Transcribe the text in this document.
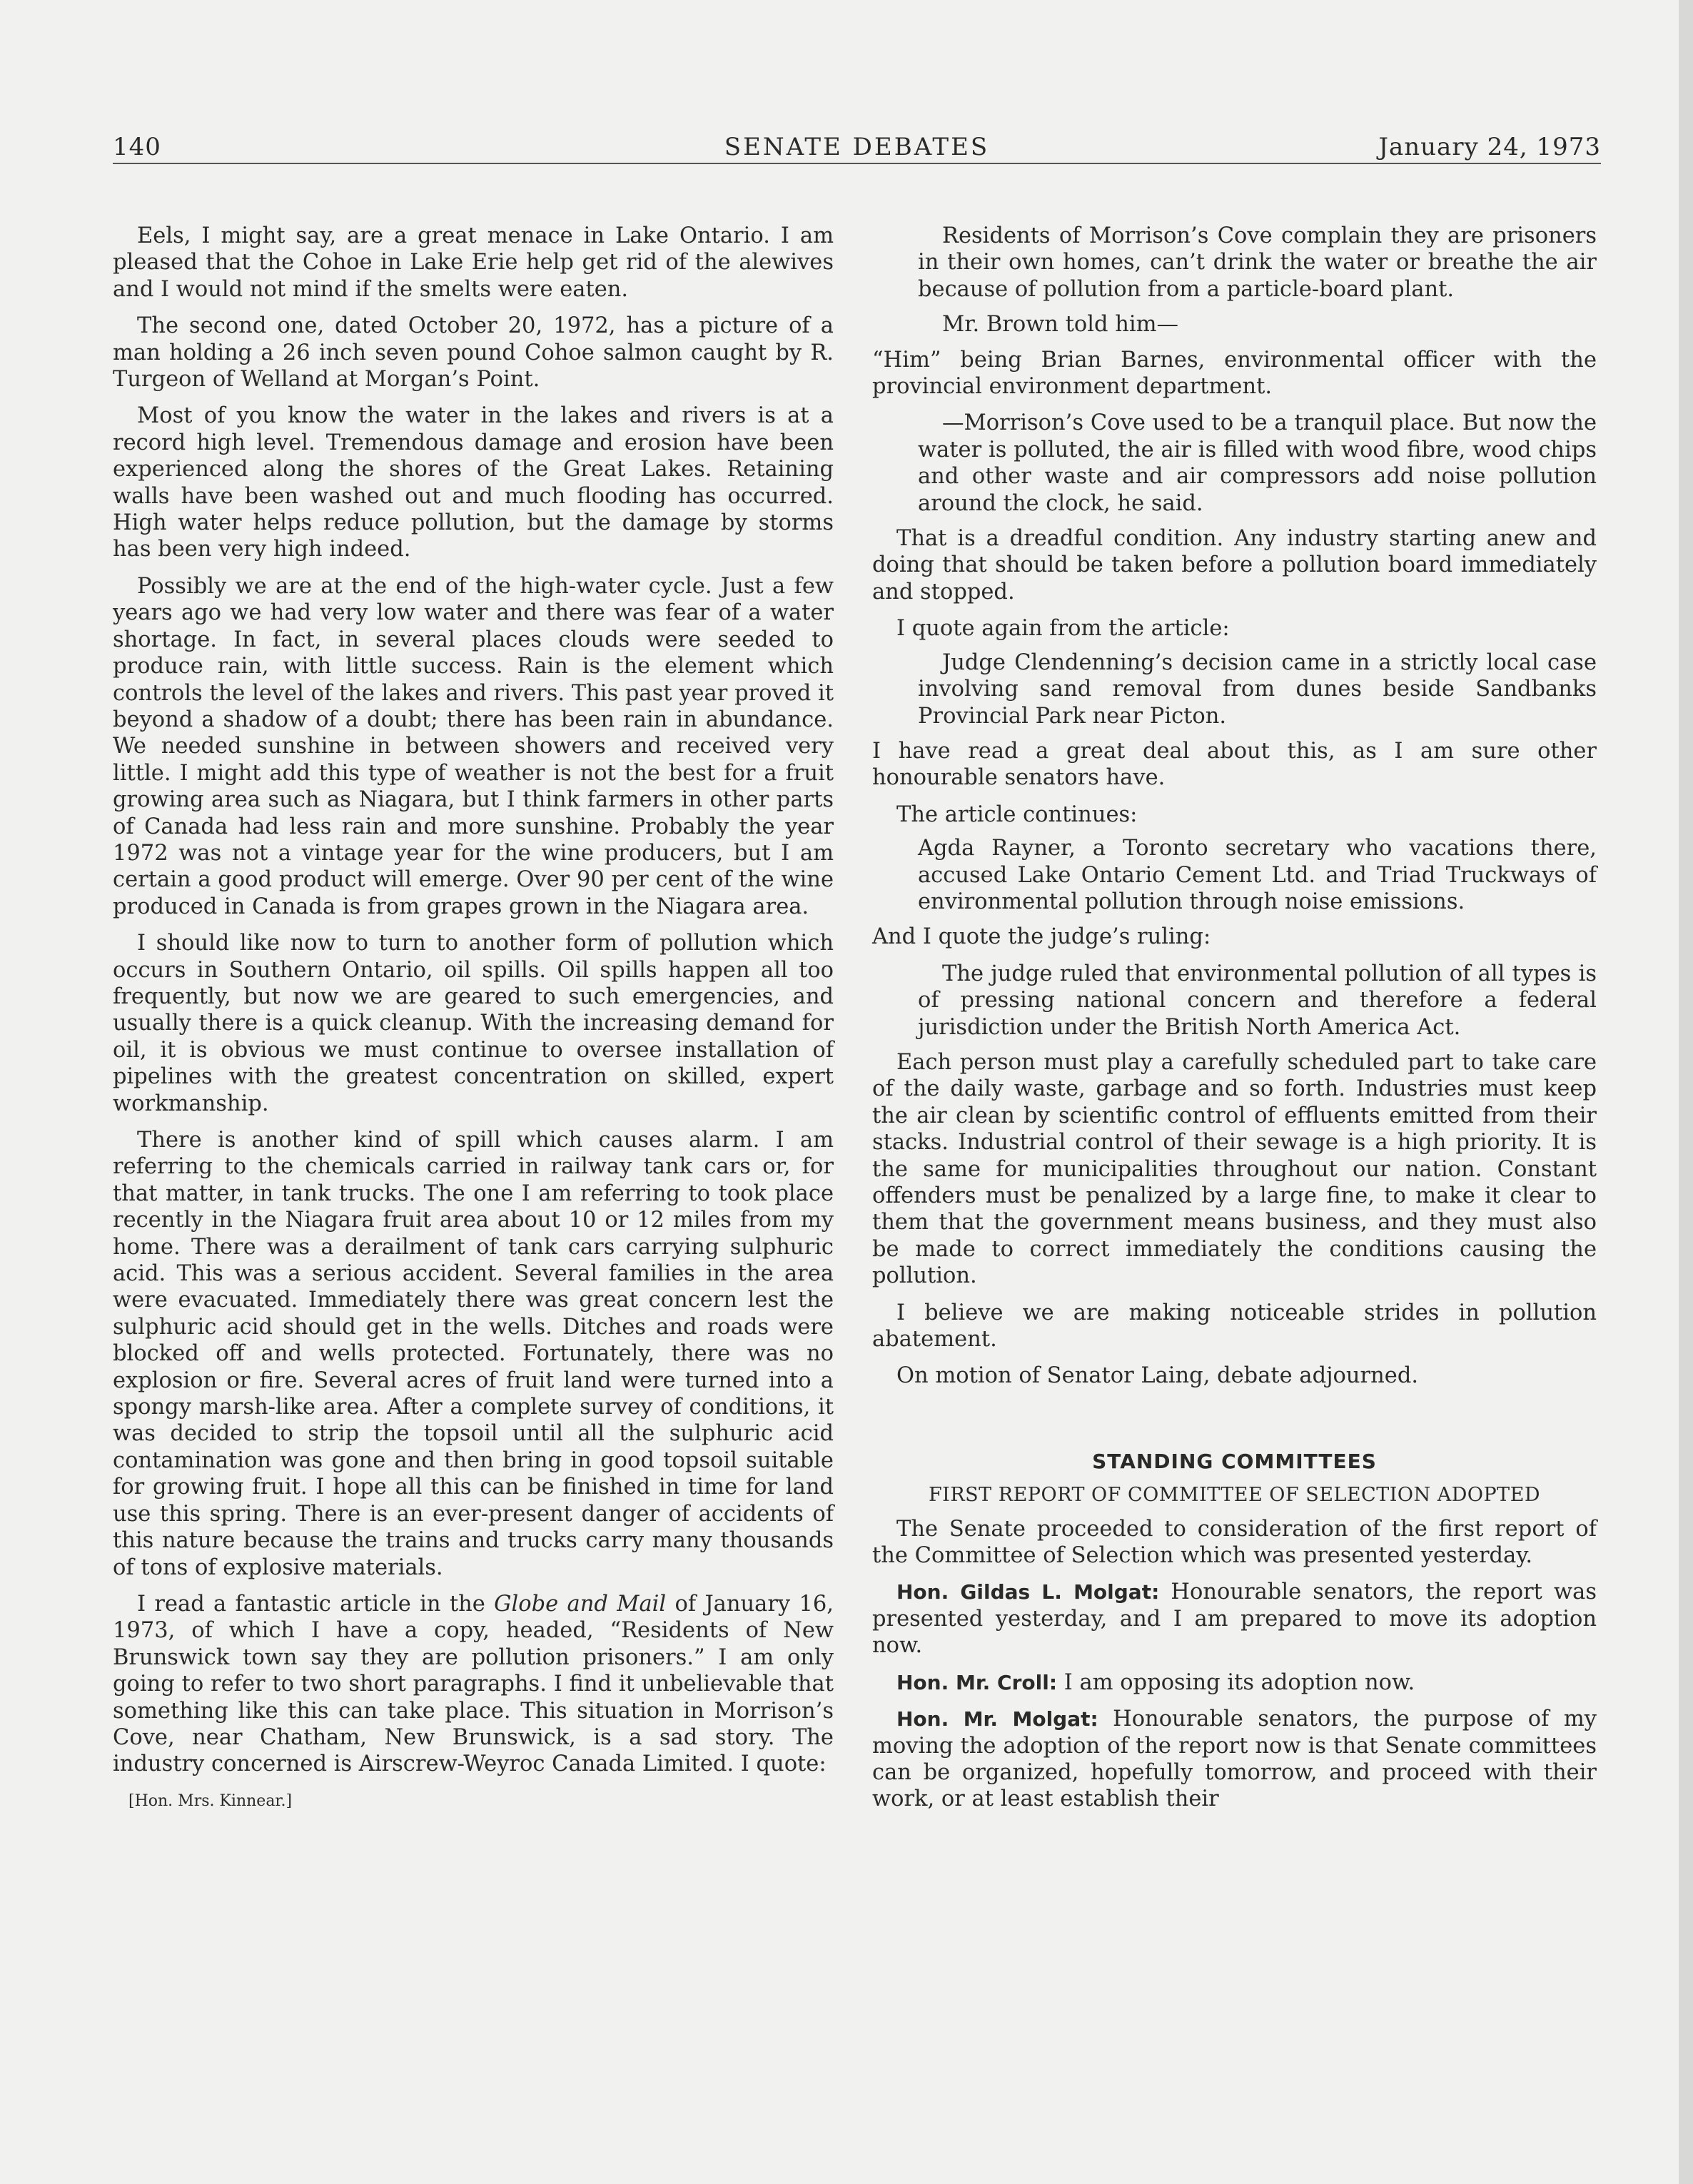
140	SENATE DEBATES	January 24, 1973

Eels, I might say, are a great menace in Lake Ontario. I am pleased that the Cohoe in Lake Erie help get rid of the alewives and I would not mind if the smelts were eaten.

The second one, dated October 20, 1972, has a picture of a man holding a 26 inch seven pound Cohoe salmon caught by R. Turgeon of Welland at Morgan’s Point.

Most of you know the water in the lakes and rivers is at a record high level. Tremendous damage and erosion have been experienced along the shores of the Great Lakes. Retaining walls have been washed out and much flooding has occurred. High water helps reduce pollution, but the damage by storms has been very high indeed.

Possibly we are at the end of the high-water cycle. Just a few years ago we had very low water and there was fear of a water shortage. In fact, in several places clouds were seeded to produce rain, with little success. Rain is the element which controls the level of the lakes and rivers. This past year proved it beyond a shadow of a doubt; there has been rain in abundance. We needed sunshine in between showers and received very little. I might add this type of weather is not the best for a fruit growing area such as Niagara, but I think farmers in other parts of Canada had less rain and more sunshine. Probably the year 1972 was not a vintage year for the wine producers, but I am certain a good product will emerge. Over 90 per cent of the wine produced in Canada is from grapes grown in the Niagara area.

I should like now to turn to another form of pollution which occurs in Southern Ontario, oil spills. Oil spills happen all too frequently, but now we are geared to such emergencies, and usually there is a quick cleanup. With the increasing demand for oil, it is obvious we must continue to oversee installation of pipelines with the greatest concentration on skilled, expert workmanship.

There is another kind of spill which causes alarm. I am referring to the chemicals carried in railway tank cars or, for that matter, in tank trucks. The one I am referring to took place recently in the Niagara fruit area about 10 or 12 miles from my home. There was a derailment of tank cars carrying sulphuric acid. This was a serious accident. Several families in the area were evacuated. Immediately there was great concern lest the sulphuric acid should get in the wells. Ditches and roads were blocked off and wells protected. Fortunately, there was no explosion or fire. Several acres of fruit land were turned into a spongy marsh-like area. After a complete survey of conditions, it was decided to strip the topsoil until all the sulphuric acid contamination was gone and then bring in good topsoil suitable for growing fruit. I hope all this can be finished in time for land use this spring. There is an ever-present danger of accidents of this nature because the trains and trucks carry many thousands of tons of explosive materials.

I read a fantastic article in the Globe and Mail of January 16, 1973, of which I have a copy, headed, “Residents of New Brunswick town say they are pollution prisoners.” I am only going to refer to two short paragraphs. I find it unbelievable that something like this can take place. This situation in Morrison’s Cove, near Chatham, New Brunswick, is a sad story. The industry concerned is Airscrew-Weyroc Canada Limited. I quote:

[Hon. Mrs. Kinnear.]
Residents of Morrison’s Cove complain they are prisoners in their own homes, can’t drink the water or breathe the air because of pollution from a particle-board plant.
Mr. Brown told him—

“Him” being Brian Barnes, environmental officer with the provincial environment department.

—Morrison’s Cove used to be a tranquil place. But now the water is polluted, the air is filled with wood fibre, wood chips and other waste and air compressors add noise pollution around the clock, he said.

That is a dreadful condition. Any industry starting anew and doing that should be taken before a pollution board immediately and stopped.

I quote again from the article:
Judge Clendenning’s decision came in a strictly local case involving sand removal from dunes beside Sandbanks Provincial Park near Picton.

I have read a great deal about this, as I am sure other honourable senators have.

The article continues:
Agda Rayner, a Toronto secretary who vacations there, accused Lake Ontario Cement Ltd. and Triad Truckways of environmental pollution through noise emissions.

And I quote the judge’s ruling:

The judge ruled that environmental pollution of all types is of pressing national concern and therefore a federal jurisdiction under the British North America Act.

Each person must play a carefully scheduled part to take care of the daily waste, garbage and so forth. Industries must keep the air clean by scientific control of effluents emitted from their stacks. Industrial control of their sewage is a high priority. It is the same for municipalities throughout our nation. Constant offenders must be penalized by a large fine, to make it clear to them that the government means business, and they must also be made to correct immediately the conditions causing the pollution.

I believe we are making noticeable strides in pollution abatement.

On motion of Senator Laing, debate adjourned.

STANDING COMMITTEES
FIRST REPORT OF COMMITTEE OF SELECTION ADOPTED

The Senate proceeded to consideration of the first report of the Committee of Selection which was presented yesterday.

Hon. Gildas L. Molgat: Honourable senators, the report was presented yesterday, and I am prepared to move its adoption now.

Hon. Mr. Croll: I am opposing its adoption now.

Hon. Mr. Molgat: Honourable senators, the purpose of my moving the adoption of the report now is that Senate committees can be organized, hopefully tomorrow, and proceed with their work, or at least establish their
